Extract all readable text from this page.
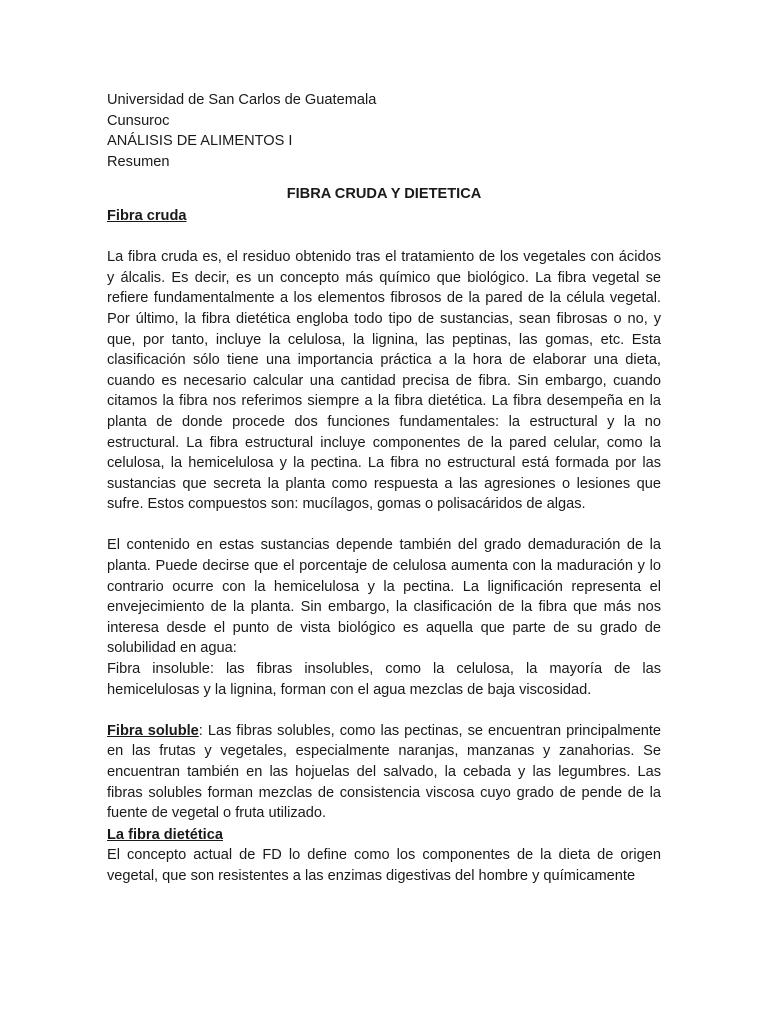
Universidad de San Carlos de Guatemala

Cunsuroc

ANÁLISIS DE ALIMENTOS I

Resumen

FIBRA CRUDA Y DIETETICA

Fibra cruda

La fibra cruda es, el residuo obtenido tras el tratamiento de los vegetales con ácidos y álcalis. Es decir, es un concepto más químico que biológico. La fibra vegetal se refiere fundamentalmente a los elementos fibrosos de la pared de la célula vegetal. Por último, la fibra dietética engloba todo tipo de sustancias, sean fibrosas o no, y que, por tanto, incluye la celulosa, la lignina, las peptinas, las gomas, etc. Esta clasificación sólo tiene una importancia práctica a la hora de elaborar una dieta, cuando es necesario calcular una cantidad precisa de fibra. Sin embargo, cuando citamos la fibra nos referimos siempre a la fibra dietética. La fibra desempeña en la planta de donde procede dos funciones fundamentales: la estructural y la no estructural. La fibra estructural incluye componentes de la pared celular, como la celulosa, la hemicelulosa y la pectina. La fibra no estructural está formada por las sustancias que secreta la planta como respuesta a las agresiones o lesiones que sufre. Estos compuestos son: mucílagos, gomas o polisacáridos de algas.

El contenido en estas sustancias depende también del grado demaduración de la planta. Puede decirse que el porcentaje de celulosa aumenta con la maduración y lo contrario ocurre con la hemicelulosa y la pectina. La lignificación representa el envejecimiento de la planta. Sin embargo, la clasificación de la fibra que más nos interesa desde el punto de vista biológico es aquella que parte de su grado de solubilidad en agua:

Fibra insoluble: las fibras insolubles, como la celulosa, la mayoría de las hemicelulosas y la lignina, forman con el agua mezclas de baja viscosidad.

Fibra soluble: Las fibras solubles, como las pectinas, se encuentran principalmente en las frutas y vegetales, especialmente naranjas, manzanas y zanahorias. Se encuentran también en las hojuelas del salvado, la cebada y las legumbres. Las fibras solubles forman mezclas de consistencia viscosa cuyo grado de pende de la fuente de vegetal o fruta utilizado.

La fibra dietética

El concepto actual de FD lo define como los componentes de la dieta de origen vegetal, que son resistentes a las enzimas digestivas del hombre y químicamente
